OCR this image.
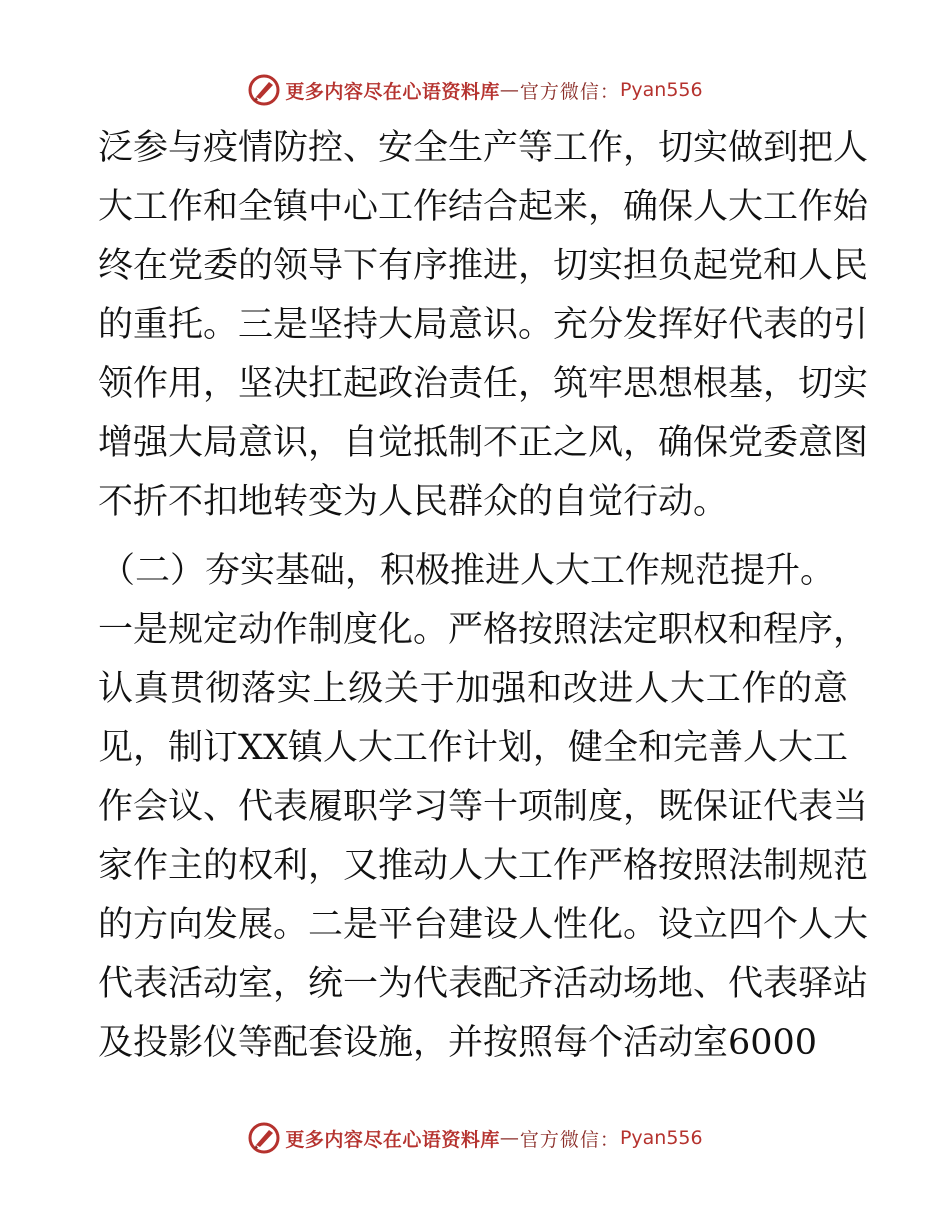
更多内容尽在心语资料库 — 官方微信： Pyan556
泛参与疫情防控、安全生产等工作，切实做到把人
大工作和全镇中心工作结合起来，确保人大工作始
终在党委的领导下有序推进，切实担负起党和人民
的重托。三是坚持大局意识。充分发挥好代表的引
领作用，坚决扛起政治责任，筑牢思想根基，切实
增强大局意识，自觉抵制不正之风，确保党委意图
不折不扣地转变为人民群众的自觉行动。
（二）夯实基础，积极推进人大工作规范提升。
一是规定动作制度化。严格按照法定职权和程序，
认真贯彻落实上级关于加强和改进人大工作的意
见，制订XX镇人大工作计划，健全和完善人大工
作会议、代表履职学习等十项制度，既保证代表当
家作主的权利，又推动人大工作严格按照法制规范
的方向发展。二是平台建设人性化。设立四个人大
代表活动室，统一为代表配齐活动场地、代表驿站
及投影仪等配套设施，并按照每个活动室6000
更多内容尽在心语资料库 — 官方微信： Pyan556
